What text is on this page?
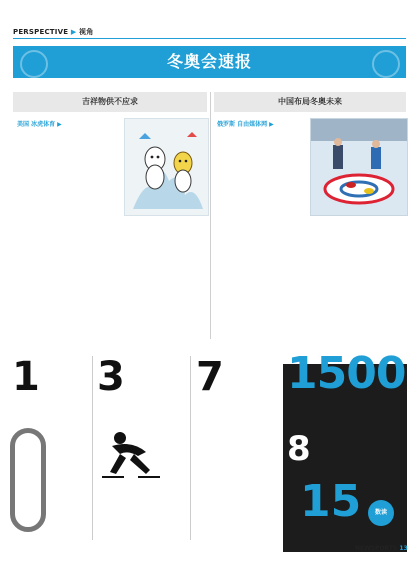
PERSPECTIVE ▶ 视角
冬奥会速报
吉祥物供不应求
美国 冰虎体育 ▶
中国布局冬奥未来
俄罗斯 自由媒体网 ▶
1 3 7 1500
8
15	数读
NEWSPORTS 13
